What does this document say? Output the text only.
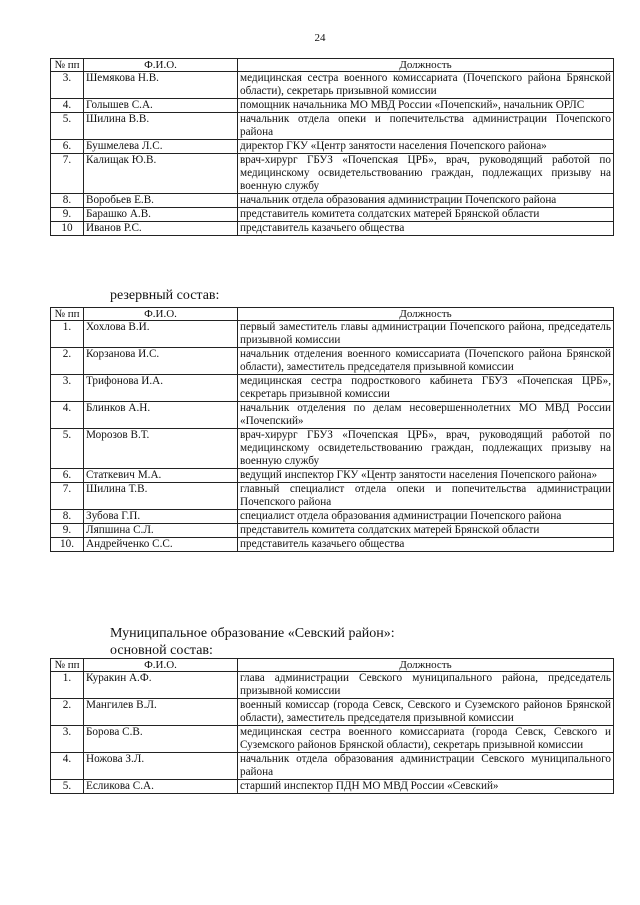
24
№ пп	Ф.И.О.	Должность
3.	Шемякова Н.В.	медицинская сестра военного комиссариата (Почепского района Брянской области), секретарь призывной комиссии
4.	Голышев С.А.	помощник начальника МО МВД России «Почепский», начальник ОРЛС
5.	Шилина В.В.	начальник отдела опеки и попечительства администрации Почепского района
6.	Бушмелева Л.С.	директор ГКУ «Центр занятости населения Почепского района»
7.	Калищак Ю.В.	врач-хирург ГБУЗ «Почепская ЦРБ», врач, руководящий работой по медицинскому освидетельствованию граждан, подлежащих призыву на военную службу
8.	Воробьев Е.В.	начальник отдела образования администрации Почепского района
9.	Барашко А.В.	представитель комитета солдатских матерей Брянской области
10	Иванов Р.С.	представитель казачьего общества
резервный состав:
№ пп	Ф.И.О.	Должность
1.	Хохлова В.И.	первый заместитель главы администрации Почепского района, председатель призывной комиссии
2.	Корзанова И.С.	начальник отделения военного комиссариата (Почепского района Брянской области), заместитель председателя призывной комиссии
3.	Трифонова И.А.	медицинская сестра подросткового кабинета ГБУЗ «Почепская ЦРБ», секретарь призывной комиссии
4.	Блинков А.Н.	начальник отделения по делам несовершеннолетних МО МВД России «Почепский»
5.	Морозов В.Т.	врач-хирург ГБУЗ «Почепская ЦРБ», врач, руководящий работой по медицинскому освидетельствованию граждан, подлежащих призыву на военную службу
6.	Статкевич М.А.	ведущий инспектор ГКУ «Центр занятости населения Почепского района»
7.	Шилина Т.В.	главный специалист отдела опеки и попечительства администрации Почепского района
8.	Зубова Г.П.	специалист отдела образования администрации Почепского района
9.	Ляпшина С.Л.	представитель комитета солдатских матерей Брянской области
10.	Андрейченко С.С.	представитель казачьего общества
Муниципальное образование «Севский район»:
основной состав:
№ пп	Ф.И.О.	Должность
1.	Куракин А.Ф.	глава администрации Севского муниципального района, председатель призывной комиссии
2.	Мангилев В.Л.	военный комиссар (города Севск, Севского и Суземского районов Брянской области), заместитель председателя призывной комиссии
3.	Борова С.В.	медицинская сестра военного комиссариата (города Севск, Севского и Суземского районов Брянской области), секретарь призывной комиссии
4.	Ножова З.Л.	начальник отдела образования администрации Севского муниципального района
5.	Есликова С.А.	старший инспектор ПДН МО МВД России «Севский»
